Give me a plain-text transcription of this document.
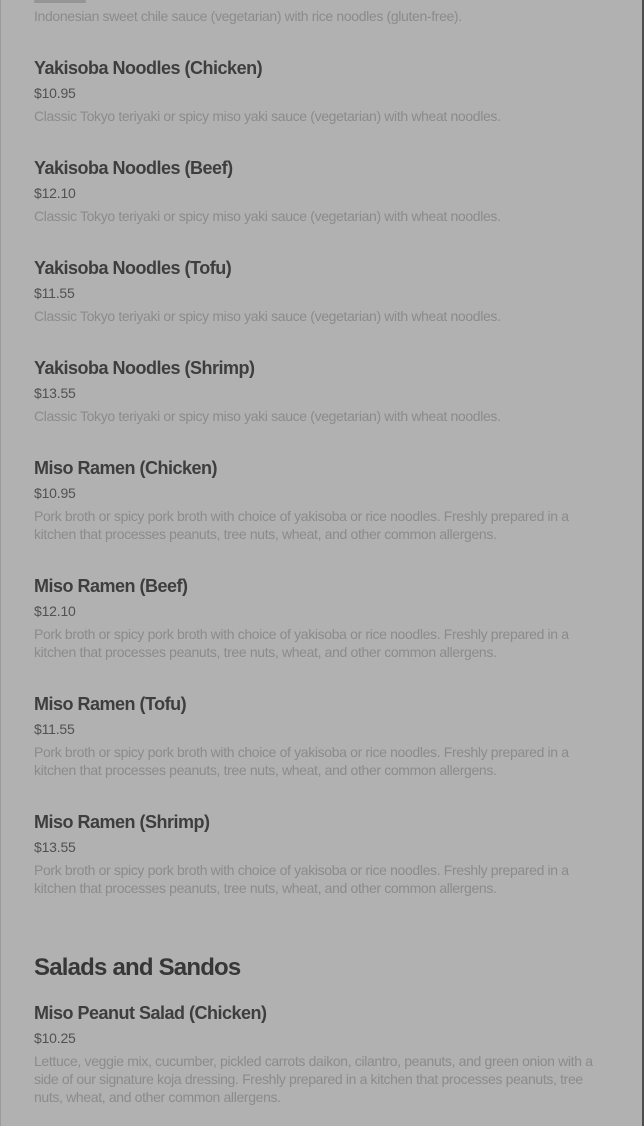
Indonesian sweet chile sauce (vegetarian) with rice noodles (gluten-free).
Yakisoba Noodles (Chicken)
$10.95
Classic Tokyo teriyaki or spicy miso yaki sauce (vegetarian) with wheat noodles.
Yakisoba Noodles (Beef)
$12.10
Classic Tokyo teriyaki or spicy miso yaki sauce (vegetarian) with wheat noodles.
Yakisoba Noodles (Tofu)
$11.55
Classic Tokyo teriyaki or spicy miso yaki sauce (vegetarian) with wheat noodles.
Yakisoba Noodles (Shrimp)
$13.55
Classic Tokyo teriyaki or spicy miso yaki sauce (vegetarian) with wheat noodles.
Miso Ramen (Chicken)
$10.95
Pork broth or spicy pork broth with choice of yakisoba or rice noodles. Freshly prepared in a kitchen that processes peanuts, tree nuts, wheat, and other common allergens.
Miso Ramen (Beef)
$12.10
Pork broth or spicy pork broth with choice of yakisoba or rice noodles. Freshly prepared in a kitchen that processes peanuts, tree nuts, wheat, and other common allergens.
Miso Ramen (Tofu)
$11.55
Pork broth or spicy pork broth with choice of yakisoba or rice noodles. Freshly prepared in a kitchen that processes peanuts, tree nuts, wheat, and other common allergens.
Miso Ramen (Shrimp)
$13.55
Pork broth or spicy pork broth with choice of yakisoba or rice noodles. Freshly prepared in a kitchen that processes peanuts, tree nuts, wheat, and other common allergens.
Salads and Sandos
Miso Peanut Salad (Chicken)
$10.25
Lettuce, veggie mix, cucumber, pickled carrots daikon, cilantro, peanuts, and green onion with a side of our signature koja dressing. Freshly prepared in a kitchen that processes peanuts, tree nuts, wheat, and other common allergens.
